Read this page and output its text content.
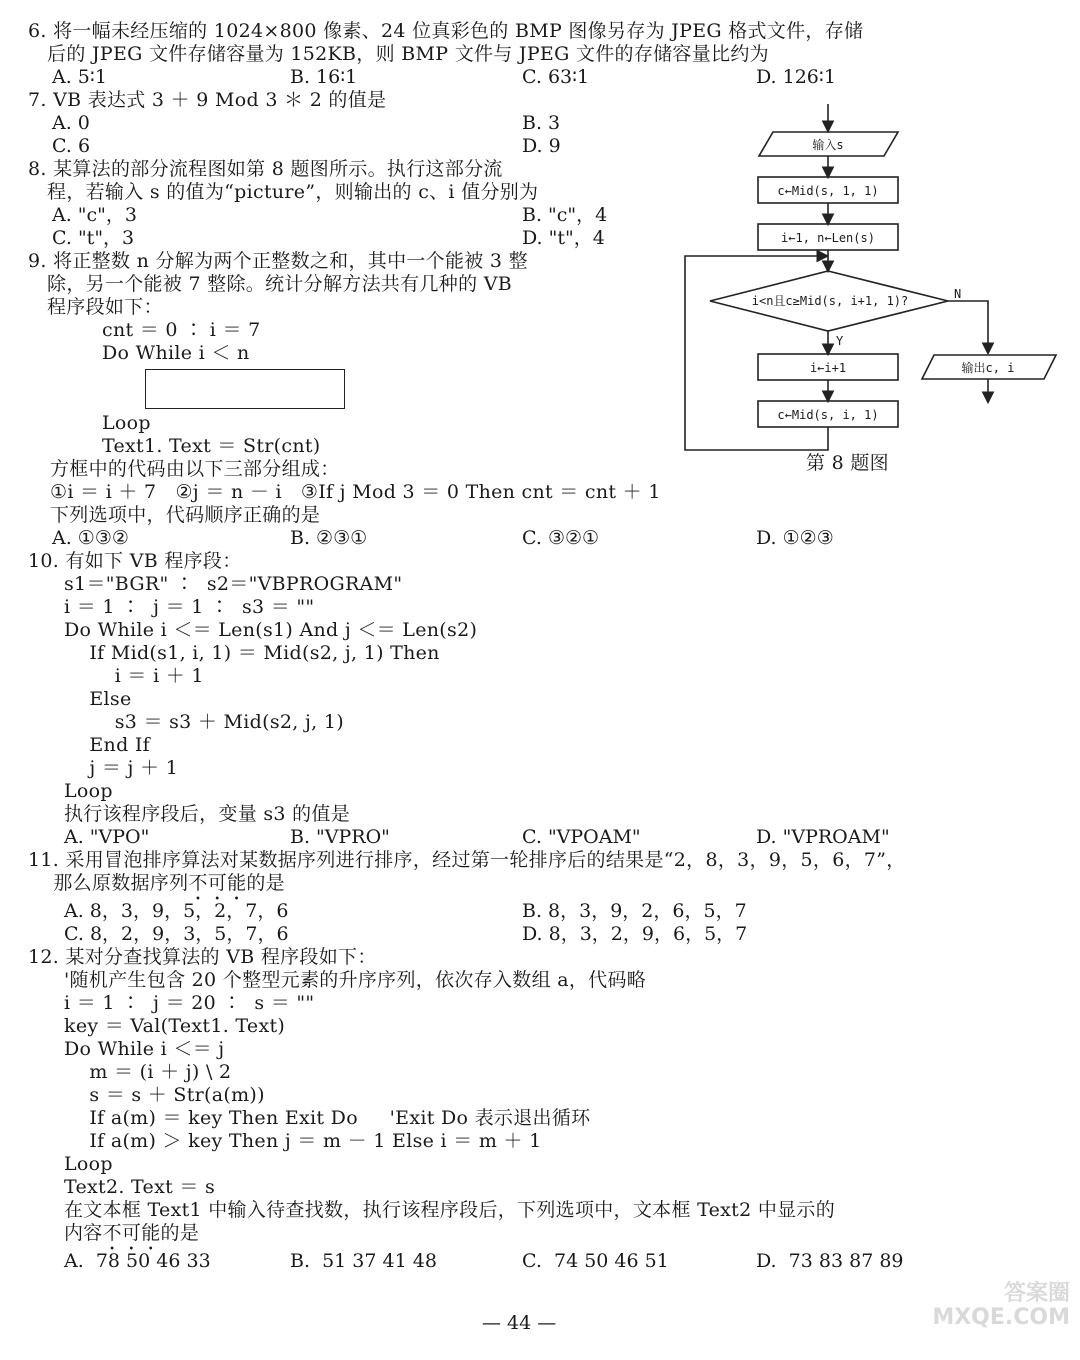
6. 将一幅未经压缩的 1024×800 像素、24 位真彩色的 BMP 图像另存为 JPEG 格式文件，存储
后的 JPEG 文件存储容量为 152KB，则 BMP 文件与 JPEG 文件的存储容量比约为
A. 5∶1	B. 16∶1	C. 63∶1	D. 126∶1
7. VB 表达式 3 ＋ 9 Mod 3 ＊ 2 的值是
A. 0	B. 3
C. 6	D. 9
8. 某算法的部分流程图如第 8 题图所示。执行这部分流
程，若输入 s 的值为“picture”，则输出的 c、i 值分别为
A. "c"，3	B. "c"，4
C. "t"，3	D. "t"，4
输入s
c←Mid(s, 1, 1)
i←1, n←Len(s)
i<n且c≥Mid(s, i+1, 1)?
Y
N
i←i+1
c←Mid(s, i, 1)
输出c, i
第 8 题图
9. 将正整数 n 分解为两个正整数之和，其中一个能被 3 整
除，另一个能被 7 整除。统计分解方法共有几种的 VB
程序段如下：
cnt ＝ 0 ∶ i ＝ 7
Do While i ＜ n
Loop
Text1. Text ＝ Str(cnt)
方框中的代码由以下三部分组成：
①i ＝ i ＋ 7   ②j ＝ n － i   ③If j Mod 3 ＝ 0 Then cnt ＝ cnt ＋ 1
下列选项中，代码顺序正确的是
A. ①③②	B. ②③①	C. ③②①	D. ①②③
10. 有如下 VB 程序段：
s1＝"BGR" ∶  s2＝"VBPROGRAM"
i ＝ 1 ∶  j ＝ 1 ∶  s3 ＝ ""
Do While i ＜＝ Len(s1) And j ＜＝ Len(s2)
If Mid(s1, i, 1) ＝ Mid(s2, j, 1) Then
i ＝ i ＋ 1
Else
s3 ＝ s3 ＋ Mid(s2, j, 1)
End If
j ＝ j ＋ 1
Loop
执行该程序段后，变量 s3 的值是
A. "VPO"	B. "VPRO"	C. "VPOAM"	D. "VPROAM"
11. 采用冒泡排序算法对某数据序列进行排序，经过第一轮排序后的结果是“2，8，3，9，5，6，7”，
那么原数据序列不可能的是
A. 8，3，9，5，2，7，6	B. 8，3，9，2，6，5，7
C. 8，2，9，3，5，7，6	D. 8，3，2，9，6，5，7
12. 某对分查找算法的 VB 程序段如下：
'随机产生包含 20 个整型元素的升序序列，依次存入数组 a，代码略
i ＝ 1 ∶  j ＝ 20 ∶  s ＝ ""
key ＝ Val(Text1. Text)
Do While i ＜＝ j
m ＝ (i ＋ j) \ 2
s ＝ s ＋ Str(a(m))
If a(m) ＝ key Then Exit Do     'Exit Do 表示退出循环
If a(m) ＞ key Then j ＝ m － 1 Else i ＝ m ＋ 1
Loop
Text2. Text ＝ s
在文本框 Text1 中输入待查找数，执行该程序段后，下列选项中，文本框 Text2 中显示的
内容不可能的是
A.  78 50 46 33	B.  51 37 41 48	C.  74 50 46 51	D.  73 83 87 89
— 44 —
答案圈 MXQE.COM
